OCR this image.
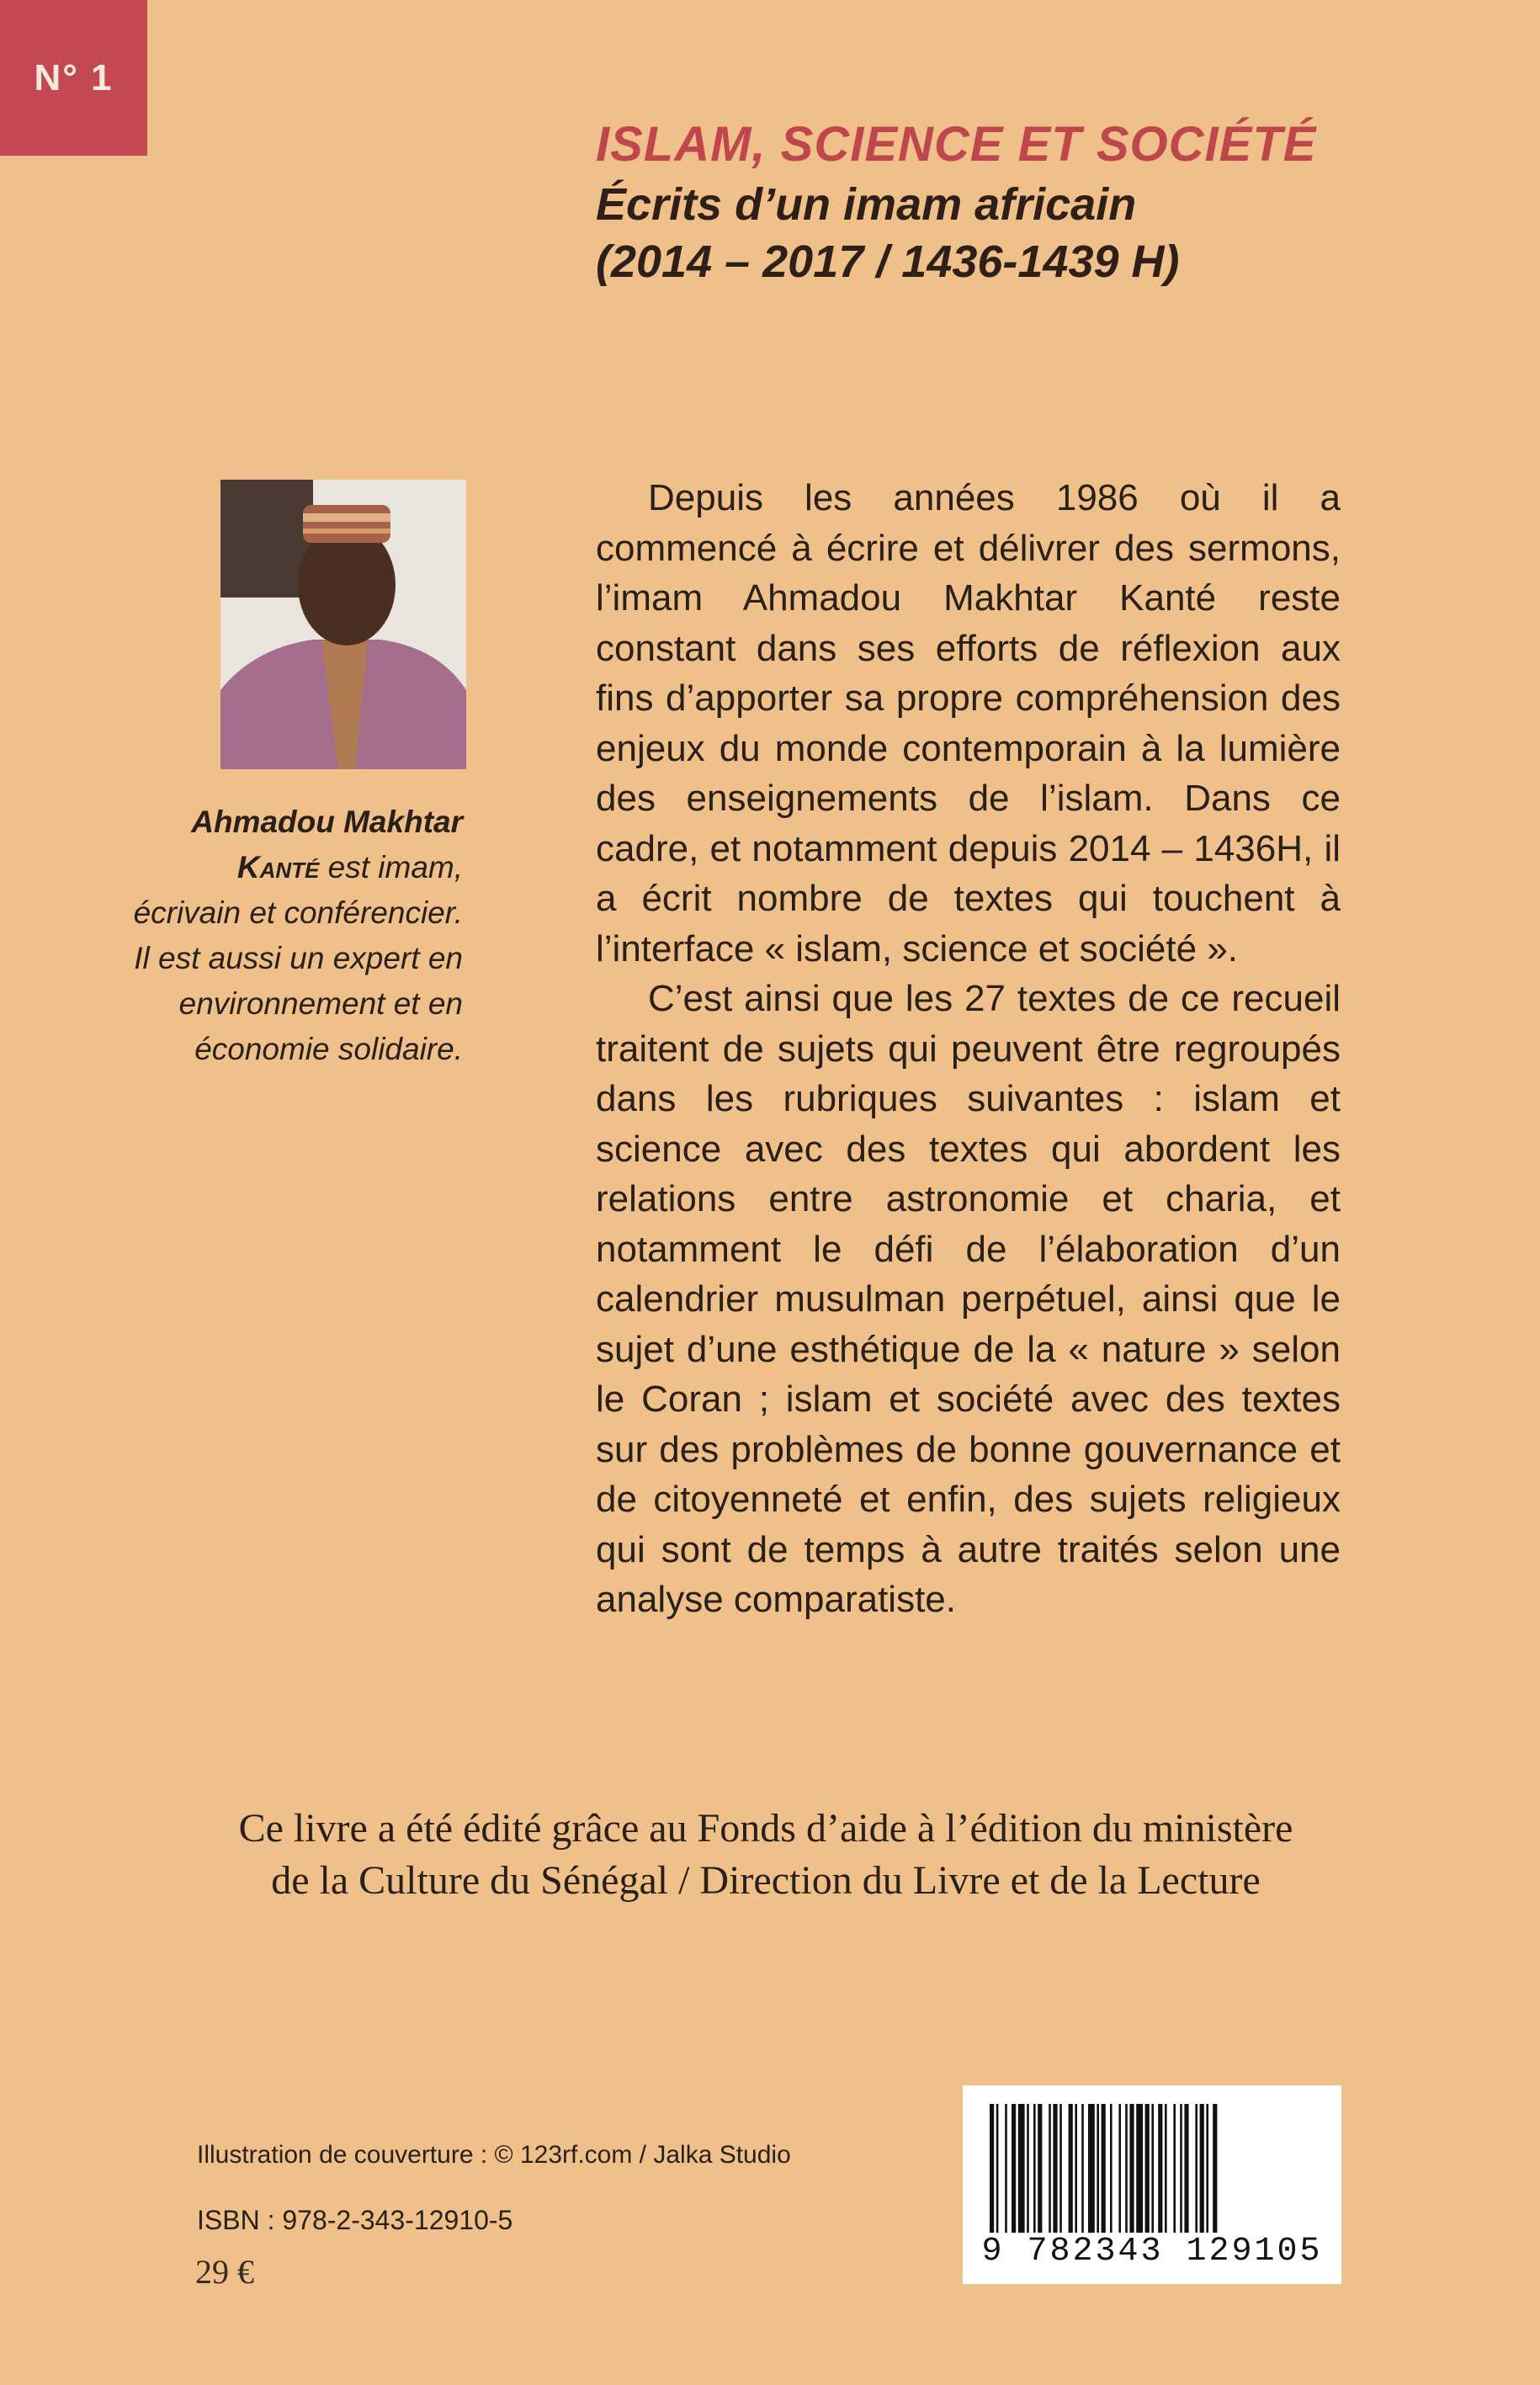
N° 1
ISLAM, SCIENCE ET SOCIÉTÉ
Écrits d’un imam africain
(2014 – 2017 / 1436-1439 H)
Ahmadou Makhtar
Kanté est imam, écrivain et conférencier. Il est aussi un expert en environnement et en économie solidaire.

Depuis les années 1986 où il a commencé à écrire et délivrer des sermons, l’imam Ahmadou Makhtar Kanté reste constant dans ses efforts de réflexion aux fins d’apporter sa propre compréhension des enjeux du monde contemporain à la lumière des enseignements de l’islam. Dans ce cadre, et notamment depuis 2014 – 1436H, il a écrit nombre de textes qui touchent à l’interface « islam, science et société ».

C’est ainsi que les 27 textes de ce recueil traitent de sujets qui peuvent être regroupés dans les rubriques suivantes : islam et science avec des textes qui abordent les relations entre astronomie et charia, et notamment le défi de l’élaboration d’un calendrier musulman perpétuel, ainsi que le sujet d’une esthétique de la « nature » selon le Coran ; islam et société avec des textes sur des problèmes de bonne gouvernance et de citoyenneté et enfin, des sujets religieux qui sont de temps à autre traités selon une analyse comparatiste.

Ce livre a été édité grâce au Fonds d’aide à l’édition du ministère
de la Culture du Sénégal / Direction du Livre et de la Lecture
Illustration de couverture : © 123rf.com / Jalka Studio
ISBN : 978-2-343-12910-5
29 €
9 782343 129105
